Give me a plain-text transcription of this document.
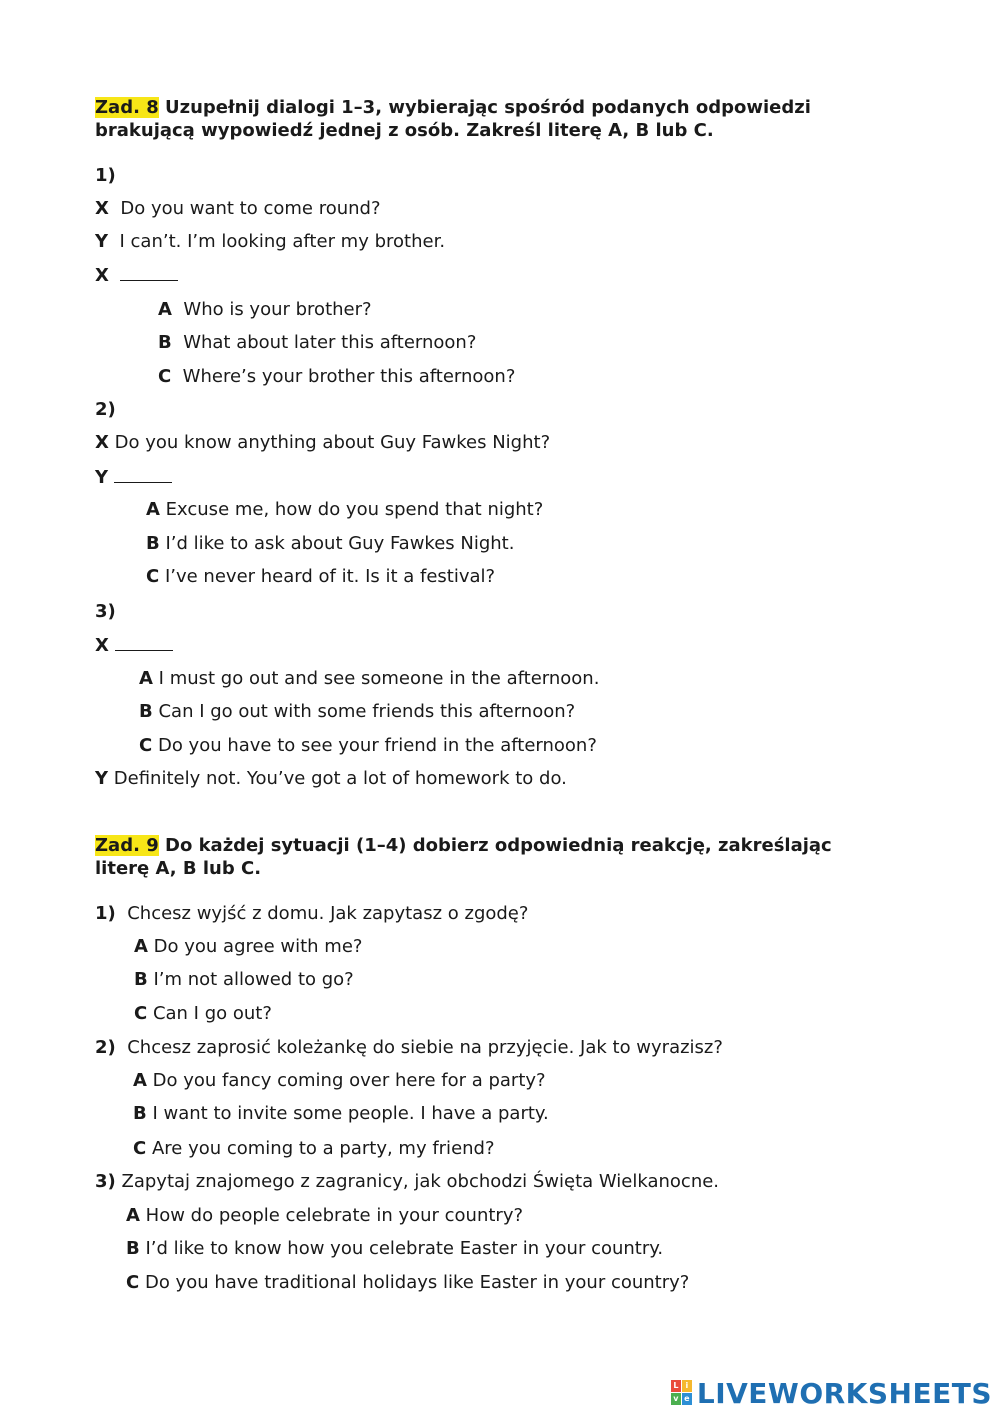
Zad. 8 Uzupełnij dialogi 1–3, wybierając spośród podanych odpowiedzi brakującą wypowiedź jednej z osób. Zakreśl literę A, B lub C.
1)
X Do you want to come round?
Y I can’t. I’m looking after my brother.
X
A Who is your brother?
B What about later this afternoon?
C Where’s your brother this afternoon?
2)
X Do you know anything about Guy Fawkes Night?
Y
A Excuse me, how do you spend that night?
B I’d like to ask about Guy Fawkes Night.
C I’ve never heard of it. Is it a festival?
3)
X
A I must go out and see someone in the afternoon.
B Can I go out with some friends this afternoon?
C Do you have to see your friend in the afternoon?
Y Definitely not. You’ve got a lot of homework to do.
Zad. 9 Do każdej sytuacji (1–4) dobierz odpowiednią reakcję, zakreślając literę A, B lub C.
1) Chcesz wyjść z domu. Jak zapytasz o zgodę?
A Do you agree with me?
B I’m not allowed to go?
C Can I go out?
2) Chcesz zaprosić koleżankę do siebie na przyjęcie. Jak to wyrazisz?
A Do you fancy coming over here for a party?
B I want to invite some people. I have a party.
C Are you coming to a party, my friend?
3) Zapytaj znajomego z zagranicy, jak obchodzi Święta Wielkanocne.
A How do people celebrate in your country?
B I’d like to know how you celebrate Easter in your country.
C Do you have traditional holidays like Easter in your country?
L i
v e LIVEWORKSHEETS
